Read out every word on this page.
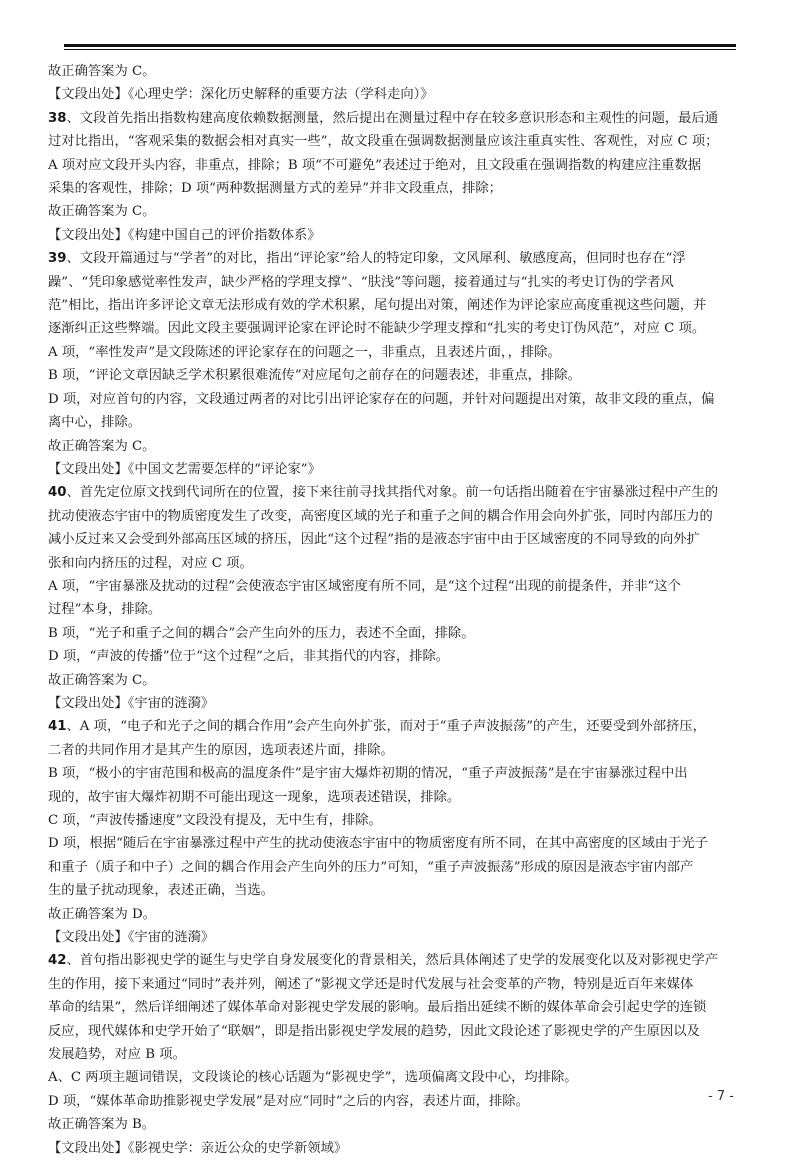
故正确答案为 C。

【文段出处】《心理史学：深化历史解释的重要方法（学科走向）》

38、文段首先指出指数构建高度依赖数据测量，然后提出在测量过程中存在较多意识形态和主观性的问题，最后通

过对比指出，“客观采集的数据会相对真实一些”，故文段重在强调数据测量应该注重真实性、客观性，对应 C 项；

A 项对应文段开头内容，非重点，排除；B 项“不可避免”表述过于绝对，且文段重在强调指数的构建应注重数据

采集的客观性，排除；D 项“两种数据测量方式的差异”并非文段重点，排除；

故正确答案为 C。

【文段出处】《构建中国自己的评价指数体系》

39、文段开篇通过与“学者”的对比，指出“评论家”给人的特定印象，文风犀利、敏感度高，但同时也存在“浮

躁”、“凭印象感觉率性发声，缺少严格的学理支撑”、“肤浅”等问题，接着通过与“扎实的考史订伪的学者风

范”相比，指出许多评论文章无法形成有效的学术积累，尾句提出对策，阐述作为评论家应高度重视这些问题，并

逐渐纠正这些弊端。因此文段主要强调评论家在评论时不能缺少学理支撑和“扎实的考史订伪风范”，对应 C 项。

A 项，“率性发声”是文段陈述的评论家存在的问题之一，非重点，且表述片面，，排除。

B 项，“评论文章因缺乏学术积累很难流传”对应尾句之前存在的问题表述，非重点，排除。

D 项，对应首句的内容，文段通过两者的对比引出评论家存在的问题，并针对问题提出对策，故非文段的重点，偏

离中心，排除。

故正确答案为 C。

【文段出处】《中国文艺需要怎样的“评论家”》

40、首先定位原文找到代词所在的位置，接下来往前寻找其指代对象。前一句话指出随着在宇宙暴涨过程中产生的

扰动使液态宇宙中的物质密度发生了改变，高密度区域的光子和重子之间的耦合作用会向外扩张，同时内部压力的

减小反过来又会受到外部高压区域的挤压，因此“这个过程”指的是液态宇宙中由于区域密度的不同导致的向外扩

张和向内挤压的过程，对应 C 项。

A 项，“宇宙暴涨及扰动的过程”会使液态宇宙区域密度有所不同，是“这个过程“出现的前提条件，并非“这个

过程”本身，排除。

B 项，“光子和重子之间的耦合”会产生向外的压力，表述不全面，排除。

D 项，“声波的传播”位于“这个过程”之后，非其指代的内容，排除。

故正确答案为 C。

【文段出处】《宇宙的涟漪》

41、A 项，“电子和光子之间的耦合作用”会产生向外扩张，而对于“重子声波振荡”的产生，还要受到外部挤压，

二者的共同作用才是其产生的原因，选项表述片面，排除。

B 项，“极小的宇宙范围和极高的温度条件”是宇宙大爆炸初期的情况，“重子声波振荡”是在宇宙暴涨过程中出

现的，故宇宙大爆炸初期不可能出现这一现象，选项表述错误，排除。

C 项，“声波传播速度”文段没有提及，无中生有，排除。

D 项，根据“随后在宇宙暴涨过程中产生的扰动使液态宇宙中的物质密度有所不同，在其中高密度的区域由于光子

和重子（质子和中子）之间的耦合作用会产生向外的压力”可知，“重子声波振荡”形成的原因是液态宇宙内部产

生的量子扰动现象，表述正确，当选。

故正确答案为 D。

【文段出处】《宇宙的涟漪》

42、首句指出影视史学的诞生与史学自身发展变化的背景相关，然后具体阐述了史学的发展变化以及对影视史学产

生的作用，接下来通过“同时”表并列，阐述了“影视文学还是时代发展与社会变革的产物，特别是近百年来媒体

革命的结果”，然后详细阐述了媒体革命对影视史学发展的影响。最后指出延续不断的媒体革命会引起史学的连锁

反应，现代媒体和史学开始了“联姻”，即是指出影视史学发展的趋势，因此文段论述了影视史学的产生原因以及

发展趋势，对应 B 项。

A、C 两项主题词错误，文段谈论的核心话题为“影视史学”，选项偏离文段中心，均排除。

D 项，“媒体革命助推影视史学发展”是对应“同时”之后的内容，表述片面，排除。

故正确答案为 B。

【文段出处】《影视史学：亲近公众的史学新领域》

- 7 -
